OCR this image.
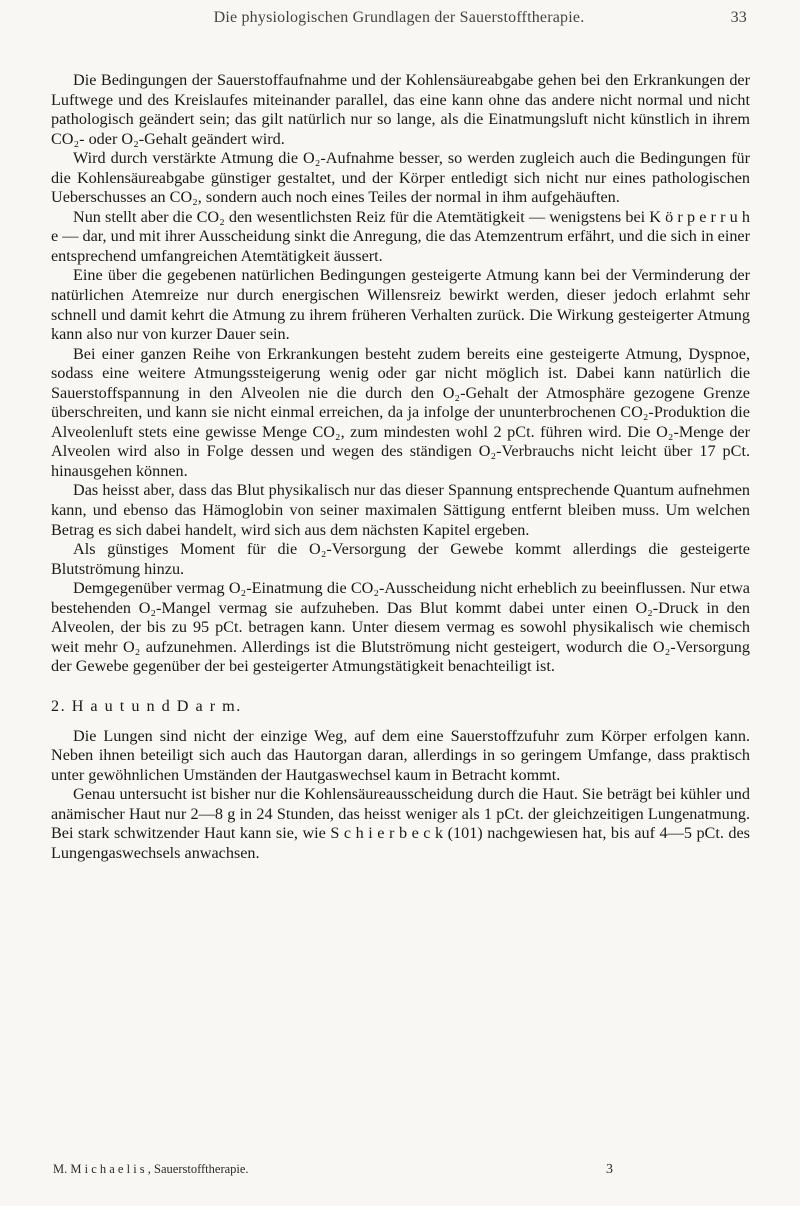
Die physiologischen Grundlagen der Sauerstofftherapie.	33

Die Bedingungen der Sauerstoffaufnahme und der Kohlensäureabgabe gehen bei den Erkrankungen der Luftwege und des Kreislaufes miteinander parallel, das eine kann ohne das andere nicht normal und nicht pathologisch geändert sein; das gilt natürlich nur so lange, als die Einatmungsluft nicht künstlich in ihrem CO₂- oder O₂-Gehalt geändert wird.

Wird durch verstärkte Atmung die O₂-Aufnahme besser, so werden zugleich auch die Bedingungen für die Kohlensäureabgabe günstiger gestaltet, und der Körper entledigt sich nicht nur eines pathologischen Ueberschusses an CO₂, sondern auch noch eines Teiles der normal in ihm aufgehäuften.

Nun stellt aber die CO₂ den wesentlichsten Reiz für die Atemtätigkeit — wenigstens bei K ö r p e r r u h e — dar, und mit ihrer Ausscheidung sinkt die Anregung, die das Atemzentrum erfährt, und die sich in einer entsprechend umfangreichen Atemtätigkeit äussert.

Eine über die gegebenen natürlichen Bedingungen gesteigerte Atmung kann bei der Verminderung der natürlichen Atemreize nur durch energischen Willensreiz bewirkt werden, dieser jedoch erlahmt sehr schnell und damit kehrt die Atmung zu ihrem früheren Verhalten zurück. Die Wirkung gesteigerter Atmung kann also nur von kurzer Dauer sein.

Bei einer ganzen Reihe von Erkrankungen besteht zudem bereits eine gesteigerte Atmung, Dyspnoe, sodass eine weitere Atmungssteigerung wenig oder gar nicht möglich ist. Dabei kann natürlich die Sauerstoffspannung in den Alveolen nie die durch den O₂-Gehalt der Atmosphäre gezogene Grenze überschreiten, und kann sie nicht einmal erreichen, da ja infolge der ununterbrochenen CO₂-Produktion die Alveolenluft stets eine gewisse Menge CO₂, zum mindesten wohl 2 pCt. führen wird. Die O₂-Menge der Alveolen wird also in Folge dessen und wegen des ständigen O₂-Verbrauchs nicht leicht über 17 pCt. hinausgehen können.

Das heisst aber, dass das Blut physikalisch nur das dieser Spannung entsprechende Quantum aufnehmen kann, und ebenso das Hämoglobin von seiner maximalen Sättigung entfernt bleiben muss. Um welchen Betrag es sich dabei handelt, wird sich aus dem nächsten Kapitel ergeben.

Als günstiges Moment für die O₂-Versorgung der Gewebe kommt allerdings die gesteigerte Blutströmung hinzu.

Demgegenüber vermag O₂-Einatmung die CO₂-Ausscheidung nicht erheblich zu beeinflussen. Nur etwa bestehenden O₂-Mangel vermag sie aufzuheben. Das Blut kommt dabei unter einen O₂-Druck in den Alveolen, der bis zu 95 pCt. betragen kann. Unter diesem vermag es sowohl physikalisch wie chemisch weit mehr O₂ aufzunehmen. Allerdings ist die Blutströmung nicht gesteigert, wodurch die O₂-Versorgung der Gewebe gegenüber der bei gesteigerter Atmungstätigkeit benachteiligt ist.

2. H a u t u n d D a r m.

Die Lungen sind nicht der einzige Weg, auf dem eine Sauerstoffzufuhr zum Körper erfolgen kann. Neben ihnen beteiligt sich auch das Hautorgan daran, allerdings in so geringem Umfange, dass praktisch unter gewöhnlichen Umständen der Hautgaswechsel kaum in Betracht kommt.

Genau untersucht ist bisher nur die Kohlensäureausscheidung durch die Haut. Sie beträgt bei kühler und anämischer Haut nur 2—8 g in 24 Stunden, das heisst weniger als 1 pCt. der gleichzeitigen Lungenatmung. Bei stark schwitzender Haut kann sie, wie S c h i e r b e c k (101) nachgewiesen hat, bis auf 4—5 pCt. des Lungengaswechsels anwachsen.

M. M i c h a e l i s , Sauerstofftherapie.	3
